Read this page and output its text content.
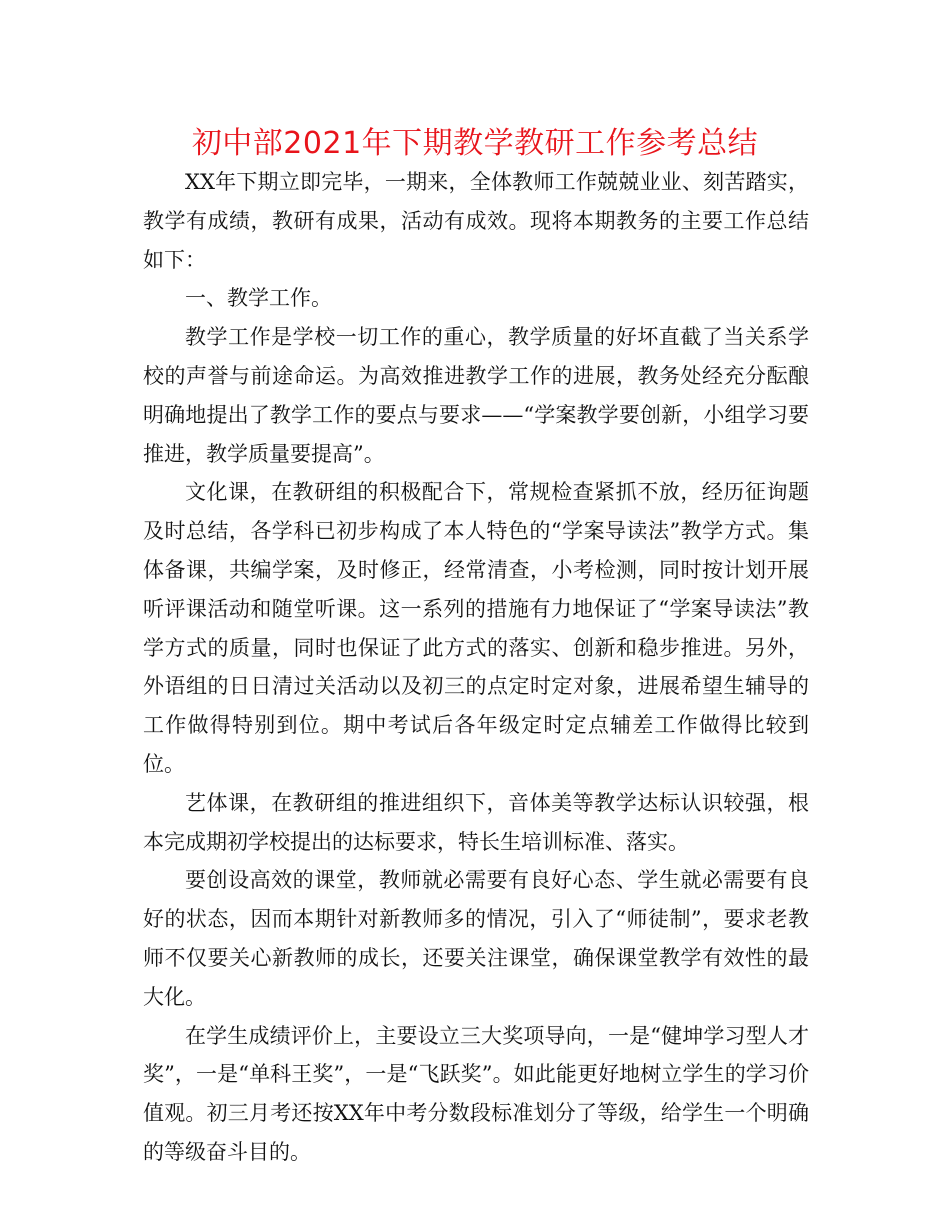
初中部2021年下期教学教研工作参考总结

XX年下期立即完毕，一期来，全体教师工作兢兢业业、刻苦踏实，教学有成绩，教研有成果，活动有成效。现将本期教务的主要工作总结如下：

一、教学工作。

教学工作是学校一切工作的重心，教学质量的好坏直截了当关系学校的声誉与前途命运。为高效推进教学工作的进展，教务处经充分酝酿明确地提出了教学工作的要点与要求——“学案教学要创新，小组学习要推进，教学质量要提高”。

文化课，在教研组的积极配合下，常规检查紧抓不放，经历征询题及时总结，各学科已初步构成了本人特色的“学案导读法”教学方式。集体备课，共编学案，及时修正，经常清查，小考检测，同时按计划开展听评课活动和随堂听课。这一系列的措施有力地保证了“学案导读法”教学方式的质量，同时也保证了此方式的落实、创新和稳步推进。另外，外语组的日日清过关活动以及初三的点定时定对象，进展希望生辅导的工作做得特别到位。期中考试后各年级定时定点辅差工作做得比较到位。

艺体课，在教研组的推进组织下，音体美等教学达标认识较强，根本完成期初学校提出的达标要求，特长生培训标准、落实。

要创设高效的课堂，教师就必需要有良好心态、学生就必需要有良好的状态，因而本期针对新教师多的情况，引入了“师徒制”，要求老教师不仅要关心新教师的成长，还要关注课堂，确保课堂教学有效性的最大化。

在学生成绩评价上，主要设立三大奖项导向，一是“健坤学习型人才奖”，一是“单科王奖”，一是“飞跃奖”。如此能更好地树立学生的学习价值观。初三月考还按XX年中考分数段标准划分了等级，给学生一个明确的等级奋斗目的。
